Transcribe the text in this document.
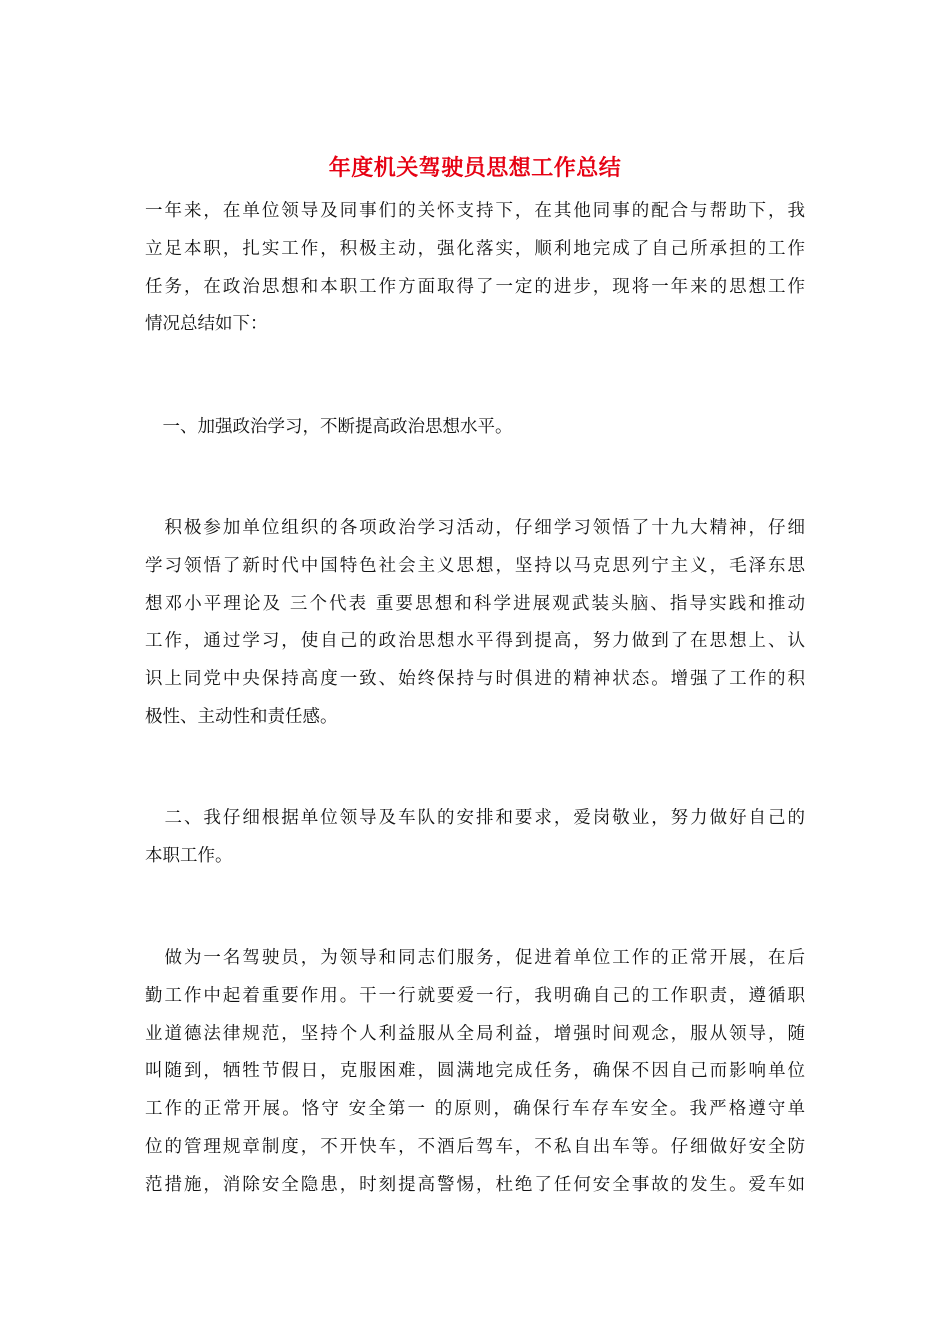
年度机关驾驶员思想工作总结
一年来，在单位领导及同事们的关怀支持下，在其他同事的配合与帮助下，我
立足本职，扎实工作，积极主动，强化落实，顺利地完成了自己所承担的工作
任务，在政治思想和本职工作方面取得了一定的进步，现将一年来的思想工作
情况总结如下：
　一、加强政治学习，不断提高政治思想水平。
　积极参加单位组织的各项政治学习活动，仔细学习领悟了十九大精神，仔细
学习领悟了新时代中国特色社会主义思想，坚持以马克思列宁主义，毛泽东思
想邓小平理论及 三个代表 重要思想和科学进展观武装头脑、指导实践和推动
工作，通过学习，使自己的政治思想水平得到提高，努力做到了在思想上、认
识上同党中央保持高度一致、始终保持与时俱进的精神状态。增强了工作的积
极性、主动性和责任感。
　二、我仔细根据单位领导及车队的安排和要求，爱岗敬业，努力做好自己的
本职工作。
　做为一名驾驶员，为领导和同志们服务，促进着单位工作的正常开展，在后
勤工作中起着重要作用。干一行就要爱一行，我明确自己的工作职责，遵循职
业道德法律规范，坚持个人利益服从全局利益，增强时间观念，服从领导，随
叫随到，牺牲节假日，克服困难，圆满地完成任务，确保不因自己而影响单位
工作的正常开展。恪守 安全第一 的原则，确保行车存车安全。我严格遵守单
位的管理规章制度，不开快车，不酒后驾车，不私自出车等。仔细做好安全防
范措施，消除安全隐患，时刻提高警惕，杜绝了任何安全事故的发生。爱车如
